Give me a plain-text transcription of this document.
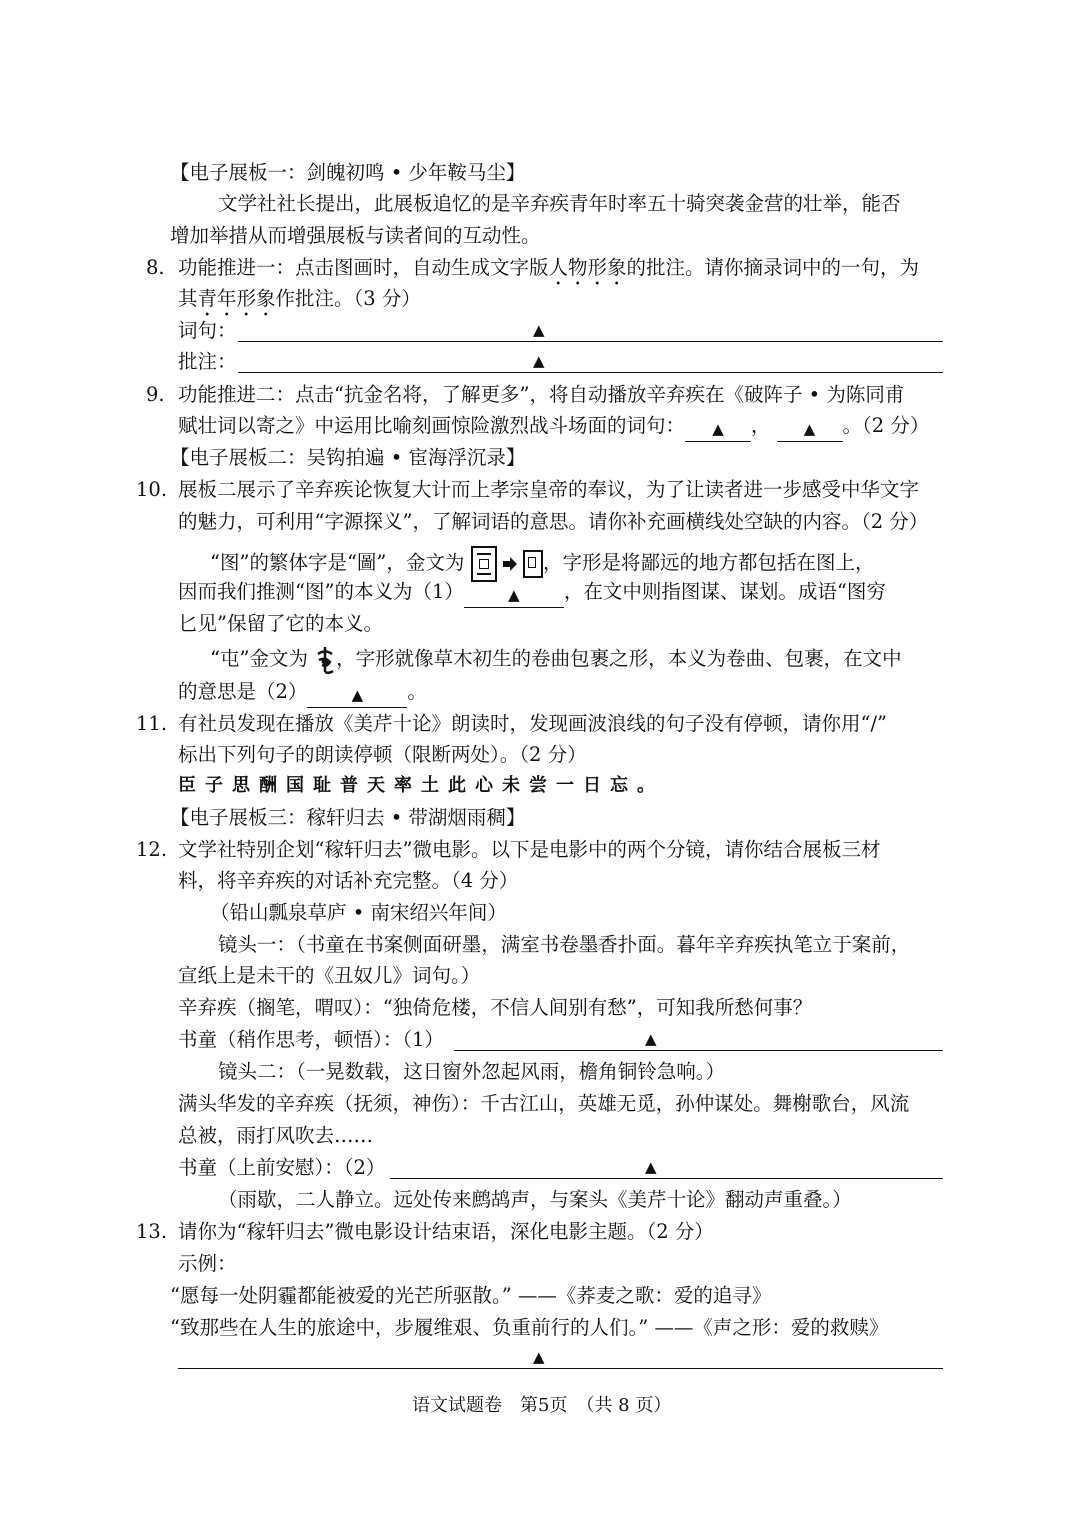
【电子展板一：剑魄初鸣 • 少年鞍马尘】
文学社社长提出，此展板追忆的是辛弃疾青年时率五十骑突袭金营的壮举，能否
增加举措从而增强展板与读者间的互动性。
8. 功能推进一：点击图画时，自动生成文字版人物形象的批注。请你摘录词中的一句，为
其青年形象作批注。（3 分）
词句：	▲
批注：	▲
9. 功能推进二：点击“抗金名将，了解更多”，将自动播放辛弃疾在《破阵子 • 为陈同甫
赋壮词以寄之》中运用比喻刻画惊险激烈战斗场面的词句： ▲ ， ▲ 。（2 分）
【电子展板二：吴钩拍遍 • 宦海浮沉录】
10. 展板二展示了辛弃疾论恢复大计而上孝宗皇帝的奉议，为了让读者进一步感受中华文字
的魅力，可利用“字源探义”，了解词语的意思。请你补充画横线处空缺的内容。（2 分）
“图”的繁体字是“圖”，金文为
	，字形是将鄙远的地方都包括在图上，
因而我们推测“图”的本义为（1）	▲ ，在文中则指图谋、谋划。成语“图穷
匕见”保留了它的本义。
“屯”金文为 ，字形就像草木初生的卷曲包裹之形，本义为卷曲、包裹，在文中
的意思是（2）	▲ 。
11. 有社员发现在播放《美芹十论》朗读时，发现画波浪线的句子没有停顿，请你用“/”
标出下列句子的朗读停顿（限断两处）。（2 分）
臣子思酬国耻普天率土此心未尝一日忘。
【电子展板三：稼轩归去 • 带湖烟雨稠】
12. 文学社特别企划“稼轩归去”微电影。以下是电影中的两个分镜，请你结合展板三材
料，将辛弃疾的对话补充完整。（4 分）
（铅山瓢泉草庐 • 南宋绍兴年间）
镜头一：（书童在书案侧面研墨，满室书卷墨香扑面。暮年辛弃疾执笔立于案前，
宣纸上是未干的《丑奴儿》词句。）
辛弃疾（搁笔，喟叹）：“独倚危楼，不信人间别有愁”，可知我所愁何事？
书童（稍作思考，顿悟）：（1）	▲
镜头二：（一晃数载，这日窗外忽起风雨，檐角铜铃急响。）
满头华发的辛弃疾（抚须，神伤）：千古江山，英雄无觅，孙仲谋处。舞榭歌台，风流
总被，雨打风吹去……
书童（上前安慰）：（2）	▲
（雨歇，二人静立。远处传来鹧鸪声，与案头《美芹十论》翻动声重叠。）
13. 请你为“稼轩归去”微电影设计结束语，深化电影主题。（2 分）
示例：
“愿每一处阴霾都能被爱的光芒所驱散。” ——《荞麦之歌：爱的追寻》
“致那些在人生的旅途中，步履维艰、负重前行的人们。” ——《声之形：爱的救赎》
▲
语文试题卷　第5页　（共 8 页）
